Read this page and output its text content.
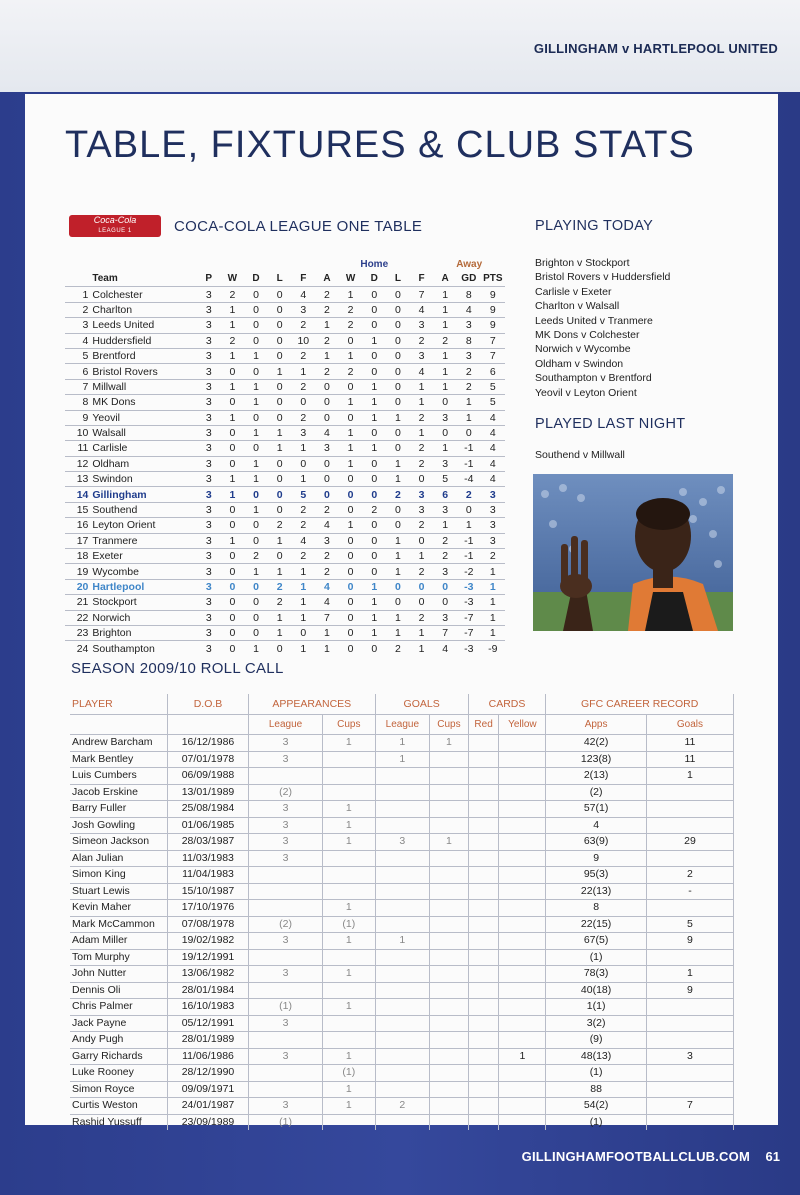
GILLINGHAM v HARTLEPOOL UNITED
TABLE, FIXTURES & CLUB STATS
Coca-Cola
LEAGUE 1	COCA-COLA LEAGUE ONE TABLE
							Home					Away		
	Team	P	W	D	L	F	A	W	D	L	F	A	GD	PTS
1	Colchester	3	2	0	0	4	2	1	0	0	7	1	8	9
2	Charlton	3	1	0	0	3	2	2	0	0	4	1	4	9
3	Leeds United	3	1	0	0	2	1	2	0	0	3	1	3	9
4	Huddersfield	3	2	0	0	10	2	0	1	0	2	2	8	7
5	Brentford	3	1	1	0	2	1	1	0	0	3	1	3	7
6	Bristol Rovers	3	0	0	1	1	2	2	0	0	4	1	2	6
7	Millwall	3	1	1	0	2	0	0	1	0	1	1	2	5
8	MK Dons	3	0	1	0	0	0	1	1	0	1	0	1	5
9	Yeovil	3	1	0	0	2	0	0	1	1	2	3	1	4
10	Walsall	3	0	1	1	3	4	1	0	0	1	0	0	4
11	Carlisle	3	0	0	1	1	3	1	1	0	2	1	-1	4
12	Oldham	3	0	1	0	0	0	1	0	1	2	3	-1	4
13	Swindon	3	1	1	0	1	0	0	0	1	0	5	-4	4
14	Gillingham	3	1	0	0	5	0	0	0	2	3	6	2	3
15	Southend	3	0	1	0	2	2	0	2	0	3	3	0	3
16	Leyton Orient	3	0	0	2	2	4	1	0	0	2	1	1	3
17	Tranmere	3	1	0	1	4	3	0	0	1	0	2	-1	3
18	Exeter	3	0	2	0	2	2	0	0	1	1	2	-1	2
19	Wycombe	3	0	1	1	1	2	0	0	1	2	3	-2	1
20	Hartlepool	3	0	0	2	1	4	0	1	0	0	0	-3	1
21	Stockport	3	0	0	2	1	4	0	1	0	0	0	-3	1
22	Norwich	3	0	0	1	1	7	0	1	1	2	3	-7	1
23	Brighton	3	0	0	1	0	1	0	1	1	1	7	-7	1
24	Southampton	3	0	1	0	1	1	0	0	2	1	4	-3	-9
PLAYING TODAY
Brighton v Stockport
Bristol Rovers v Huddersfield
Carlisle v Exeter
Charlton v Walsall
Leeds United v Tranmere
MK Dons v Colchester
Norwich v Wycombe
Oldham v Swindon
Southampton v Brentford
Yeovil v Leyton Orient
PLAYED LAST NIGHT
Southend v Millwall
SEASON 2009/10 ROLL CALL
PLAYER	D.O.B	APPEARANCES		GOALS		CARDS		GFC CAREER RECORD	
		League	Cups	League	Cups	Red	Yellow	Apps	Goals
Andrew Barcham	16/12/1986	3	1	1	1			42(2)	11
Mark Bentley	07/01/1978	3		1				123(8)	11
Luis Cumbers	06/09/1988							2(13)	1
Jacob Erskine	13/01/1989	(2)						(2)	
Barry Fuller	25/08/1984	3	1					57(1)	
Josh Gowling	01/06/1985	3	1					4	
Simeon Jackson	28/03/1987	3	1	3	1			63(9)	29
Alan Julian	11/03/1983	3						9	
Simon King	11/04/1983							95(3)	2
Stuart Lewis	15/10/1987							22(13)	-
Kevin Maher	17/10/1976		1					8	
Mark McCammon	07/08/1978	(2)	(1)					22(15)	5
Adam Miller	19/02/1982	3	1	1				67(5)	9
Tom Murphy	19/12/1991							(1)	
John Nutter	13/06/1982	3	1					78(3)	1
Dennis Oli	28/01/1984							40(18)	9
Chris Palmer	16/10/1983	(1)	1					1(1)	
Jack Payne	05/12/1991	3						3(2)	
Andy Pugh	28/01/1989							(9)	
Garry Richards	11/06/1986	3	1				1	48(13)	3
Luke Rooney	28/12/1990		(1)					(1)	
Simon Royce	09/09/1971		1					88	
Curtis Weston	24/01/1987	3	1	2				54(2)	7
Rashid Yussuff	23/09/1989	(1)						(1)	
GILLINGHAMFOOTBALLCLUB.COM 61
